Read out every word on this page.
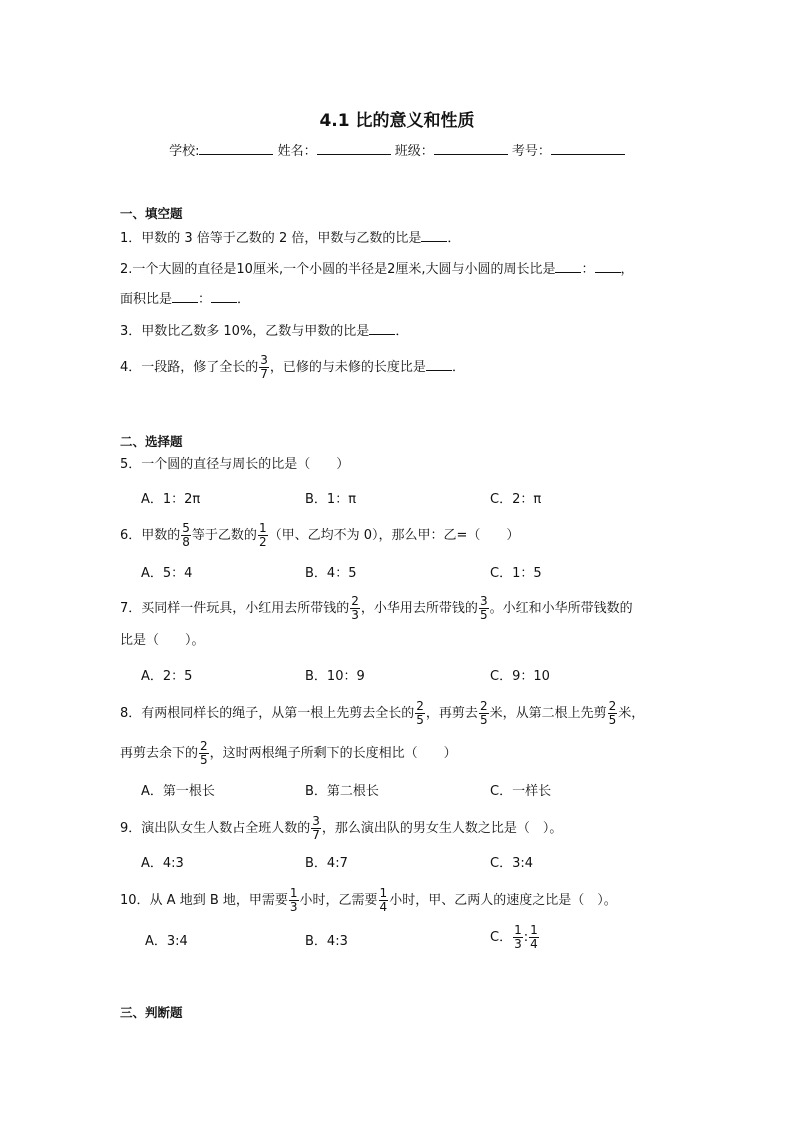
4.1 比的意义和性质
学校:	姓名：	班级：	考号：
一、填空题
1．甲数的 3 倍等于乙数的 2 倍，甲数与乙数的比是 ．
2.一个大圆的直径是10厘米,一个小圆的半径是2厘米,大圆与小圆的周长比是 ： ，
面积比是 ： ．
3．甲数比乙数多 10%，乙数与甲数的比是 ．
4．一段路，修了全长的 $\frac{3}{7}$ ，已修的与未修的长度比是 ．
二、选择题
5．一个圆的直径与周长的比是（　　）
A．1：2π	B．1：π	C．2：π
6．甲数的 $\frac{5}{8}$ 等于乙数的 $\frac{1}{2}$ （甲、乙均不为 0），那么甲：乙=（　　）
A．5：4	B．4：5	C．1：5
7．买同样一件玩具，小红用去所带钱的 $\frac{2}{3}$ ，小华用去所带钱的 $\frac{3}{5}$ 。小红和小华所带钱数的
比是（　　）。
A．2：5	B．10：9	C．9：10
8．有两根同样长的绳子，从第一根上先剪去全长的 $\frac{2}{5}$ ，再剪去 $\frac{2}{5}$ 米，从第二根上先剪 $\frac{2}{5}$ 米，
再剪去余下的 $\frac{2}{5}$ ，这时两根绳子所剩下的长度相比（　　）
A．第一根长	B．第二根长	C．一样长
9．演出队女生人数占全班人数的 $\frac{3}{7}$ ，那么演出队的男女生人数之比是（　）。
A．4:3	B．4:7	C．3:4
10．从 A 地到 B 地，甲需要 $\frac{1}{3}$ 小时，乙需要 $\frac{1}{4}$ 小时，甲、乙两人的速度之比是（　）。
A．3:4	B．4:3	C． $\frac{1}{3}$ : $\frac{1}{4}$
三、判断题
